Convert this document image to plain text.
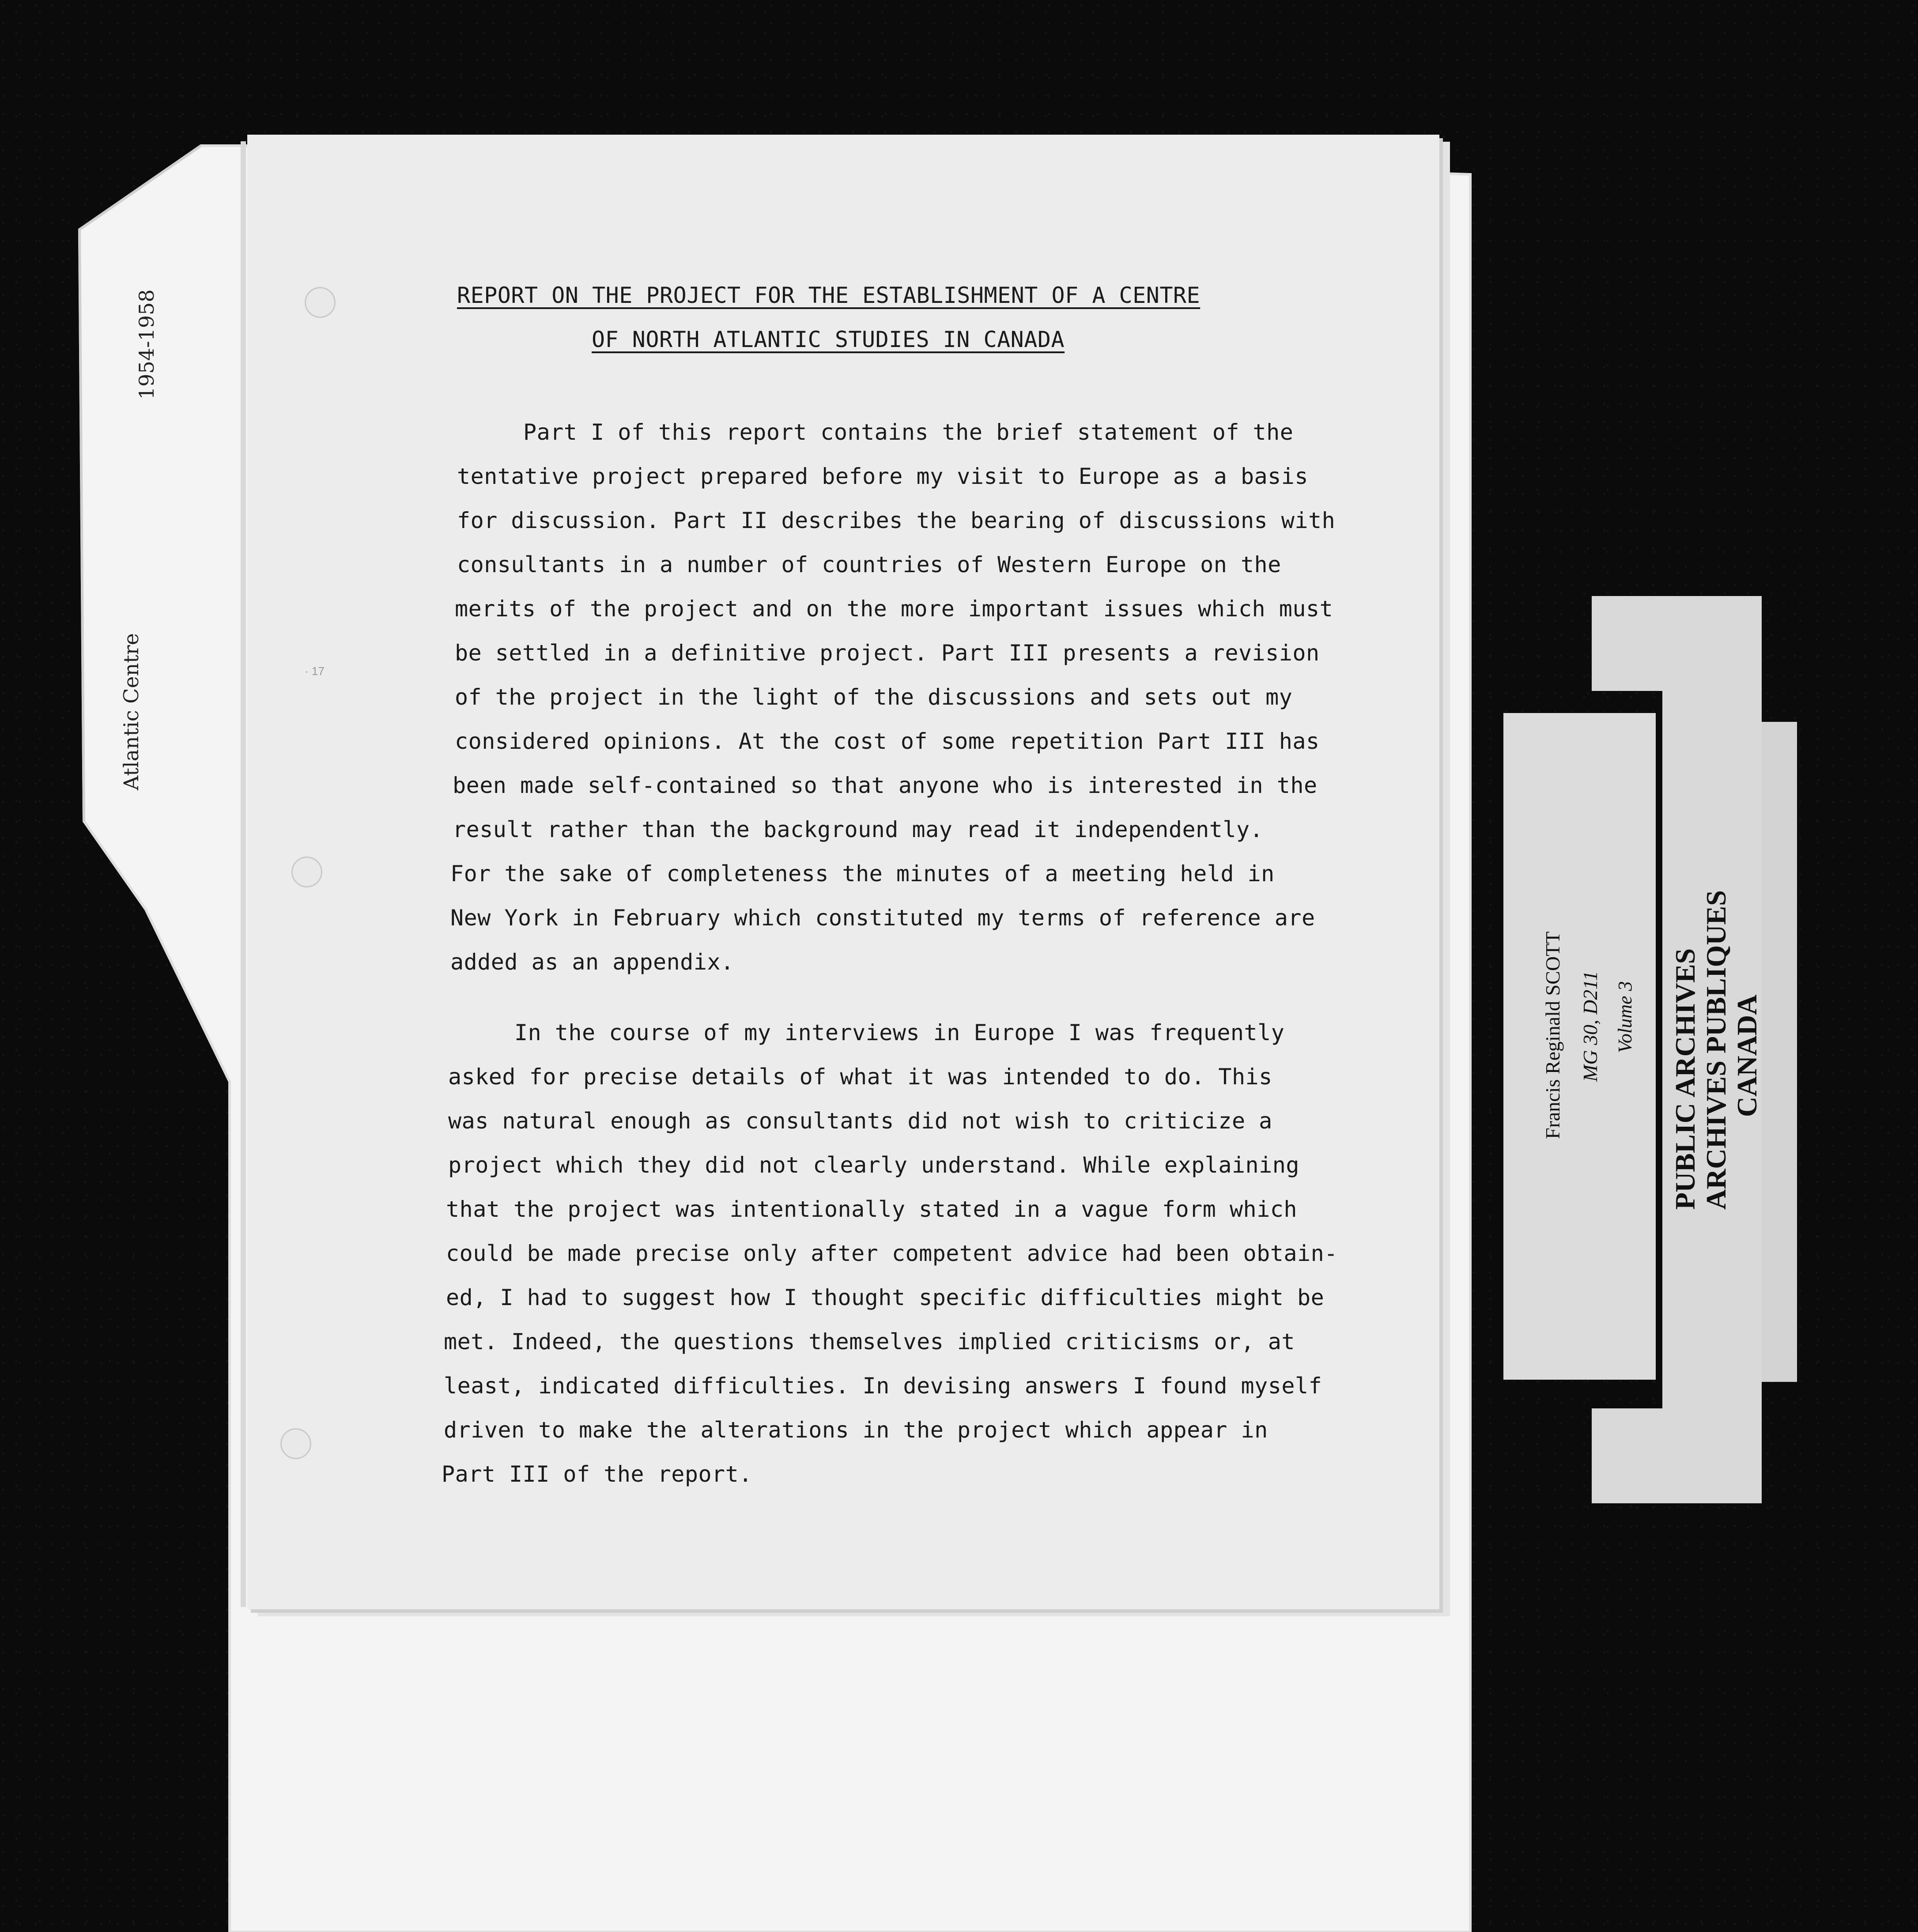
1954-1958
Atlantic Centre	· 17
REPORT ON THE PROJECT FOR THE ESTABLISHMENT OF A CENTRE
OF NORTH ATLANTIC STUDIES IN CANADA
Part I of this report contains the brief statement of the
tentative project prepared before my visit to Europe as a basis
for discussion. Part II describes the bearing of discussions with
consultants in a number of countries of Western Europe on the
merits of the project and on the more important issues which must
be settled in a definitive project. Part III presents a revision
of the project in the light of the discussions and sets out my
considered opinions. At the cost of some repetition Part III has
been made self-contained so that anyone who is interested in the
result rather than the background may read it independently.
For the sake of completeness the minutes of a meeting held in
New York in February which constituted my terms of reference are
added as an appendix.
In the course of my interviews in Europe I was frequently
asked for precise details of what it was intended to do. This
was natural enough as consultants did not wish to criticize a
project which they did not clearly understand. While explaining
that the project was intentionally stated in a vague form which
could be made precise only after competent advice had been obtain-
ed, I had to suggest how I thought specific difficulties might be
met. Indeed, the questions themselves implied criticisms or, at
least, indicated difficulties. In devising answers I found myself
driven to make the alterations in the project which appear in
Part III of the report.
Francis Reginald SCOTT MG 30, D211 Volume 3 PUBLIC ARCHIVES ARCHIVES PUBLIQUES CANADA
